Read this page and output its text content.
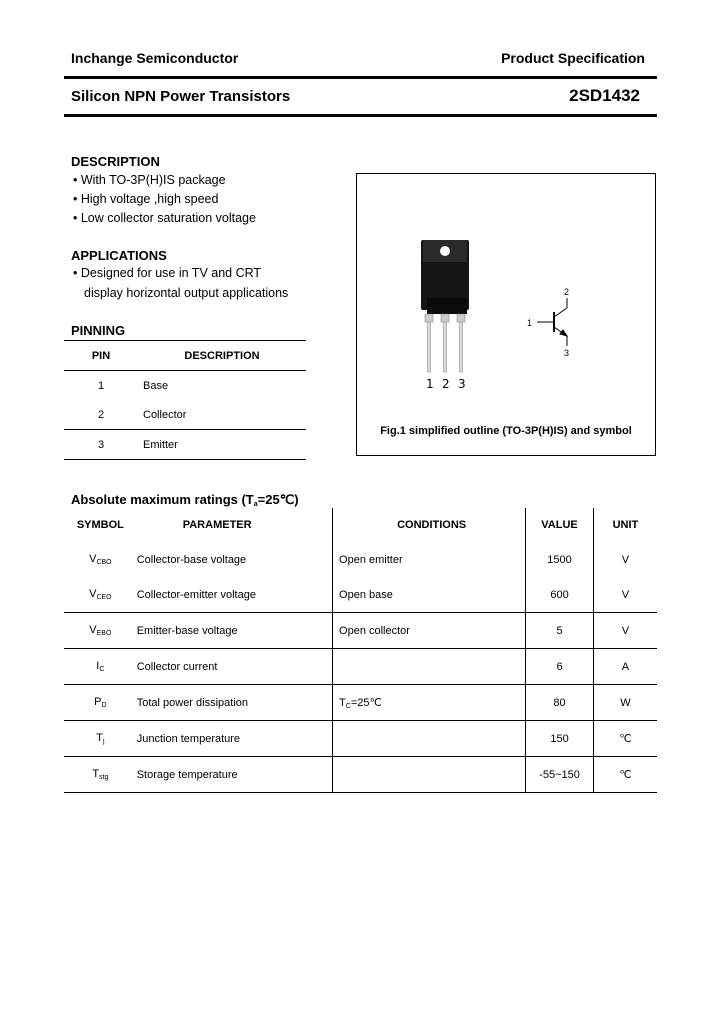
Inchange Semiconductor	Product Specification
Silicon NPN Power Transistors	2SD1432
DESCRIPTION
• With TO-3P(H)IS package
• High voltage ,high speed
• Low collector saturation voltage
APPLICATIONS
• Designed for use in TV and CRT
display horizontal output applications
PINNING
PIN	DESCRIPTION
1	Base
2	Collector
3	Emitter
1 2 3
1
2
3
Fig.1 simplified outline (TO-3P(H)IS) and symbol
Absolute maximum ratings $(T_a=25℃)$
SYMBOL	PARAMETER	CONDITIONS	VALUE	UNIT
$V_{CBO}$	Collector-base voltage	Open emitter	1500	V
$V_{CEO}$	Collector-emitter voltage	Open base	600	V
$V_{EBO}$	Emitter-base voltage	Open collector	5	V
$I_C$	Collector current		6	A
$P_D$	Total power dissipation	$T_C=25℃$	80	W
$T_j$	Junction temperature		150	℃
$T_{stg}$	Storage temperature		-55~150	℃
